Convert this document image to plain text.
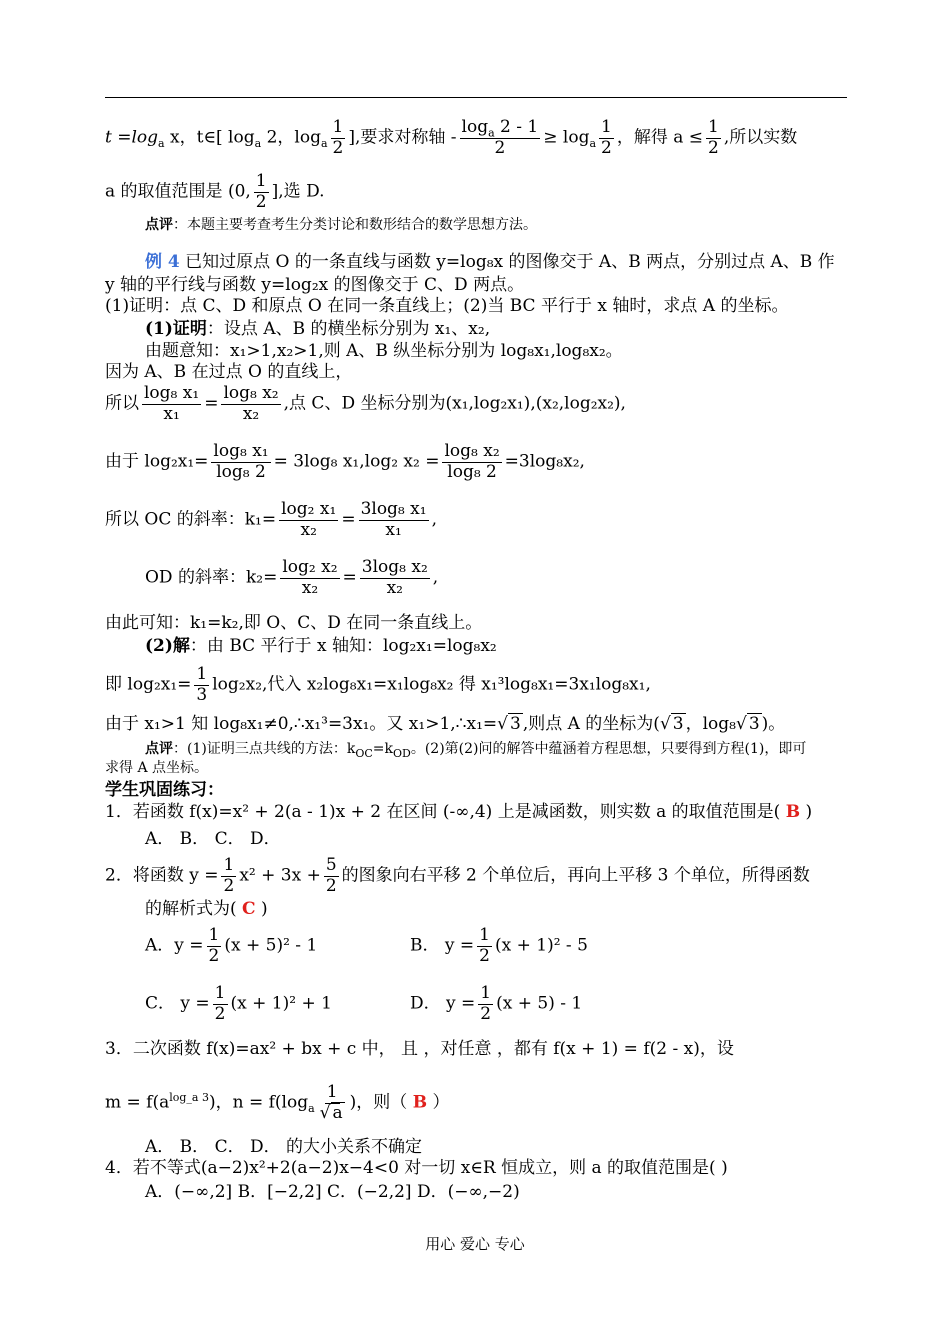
$t =\log_a$ x，t∈[ $\log_a 2$，$\log_a \frac{1}{2}$ ],要求对称轴 - $\frac{\log_a 2 - 1}{2} \ge \log_a \frac{1}{2}$ ，解得 $a \le \frac{1}{2}$ ,所以实数
a 的取值范围是 (0, $\frac{1}{2}$ ],选 D.
点评：本题主要考查考生分类讨论和数形结合的数学思想方法。
例 4 已知过原点 O 的一条直线与函数 y=log₈x 的图像交于 A、B 两点，分别过点 A、B 作
y 轴的平行线与函数 y=log₂x 的图像交于 C、D 两点。
(1)证明：点 C、D 和原点 O 在同一条直线上；(2)当 BC 平行于 x 轴时，求点 A 的坐标。
(1)证明：设点 A、B 的横坐标分别为 x₁、x₂,
由题意知：x₁>1,x₂>1,则 A、B 纵坐标分别为 log₈x₁,log₈x₂。
因为 A、B 在过点 O 的直线上，
所以 $\frac{\text{log₈ x₁}}{\text{x₁}} = \frac{\text{log₈ x₂}}{\text{x₂}}$ ,点 C、D 坐标分别为(x₁,log₂x₁),(x₂,log₂x₂),
由于 $\log_2x_1= \frac{\text{log₈ x₁}}{\text{log₈ 2}} = 3\log_8$ x₁,log₂ $x_2 = \frac{\text{log₈ x₂}}{\text{log₈ 2}} =3\log_8x_2$,
所以 OC 的斜率：$k_1= \frac{\text{log₂ x₁}}{\text{x₂}} = \frac{\text{3log₈ x₁}}{\text{x₁}}$ ,
OD 的斜率：$k_2= \frac{\text{log₂ x₂}}{\text{x₂}} = \frac{\text{3log₈ x₂}}{\text{x₂}}$ ,
由此可知：k₁=k₂,即 O、C、D 在同一条直线上。
(2)解：由 BC 平行于 x 轴知：log₂x₁=log₈x₂
即 $\log_2x_1= \frac{1}{3} \log_2x_2$,代入 x₂log₈x₁=x₁log₈x₂ 得 x₁³log₈x₁=3x₁log₈x₁,
由于 x₁>1 知 log₈x₁≠0,∴x₁³=3x₁。又 x₁>1,∴x₁=√ 3 ,则点 A 的坐标为(√ 3 ，log₈√ 3 )。
点评：(1)证明三点共线的方法：$k_{OC}=k_{OD}$。(2)第(2)问的解答中蕴涵着方程思想，只要得到方程(1)，即可
求得 A 点坐标。
学生巩固练习：
1．若函数 f(x)=x² + 2(a - 1)x + 2 在区间 (-∞,4) 上是减函数，则实数 a 的取值范围是( B )
A． B． C． D．
2．将函数 $y = \frac{1}{2} x^2 + 3x + \frac{5}{2}$ 的图象向右平移 2 个单位后，再向上平移 3 个单位，所得函数
的解析式为( C )
A．$y = \frac{1}{2} (x + 5)^2 - 1$	B． $y = \frac{1}{2} (x + 1)^2 - 5$
C． $y = \frac{1}{2} (x + 1)^2 + 1$	D． $y = \frac{1}{2} (x + 5) - 1$
3．二次函数 f(x)=ax² + bx + c 中， 且 ，对任意 ，都有 f(x + 1) = f(2 - x)，设
$m = f(a^{log\_a 3})$，$n = f(\log_a \frac{1}{√ a}$ )，则（ B ）
A． B． C． D． 的大小关系不确定
4．若不等式(a−2)x²+2(a−2)x−4<0 对一切 x∈R 恒成立，则 a 的取值范围是( )
A．(−∞,2] B．[−2,2] C．(−2,2] D．(−∞,−2)
用心 爱心 专心
